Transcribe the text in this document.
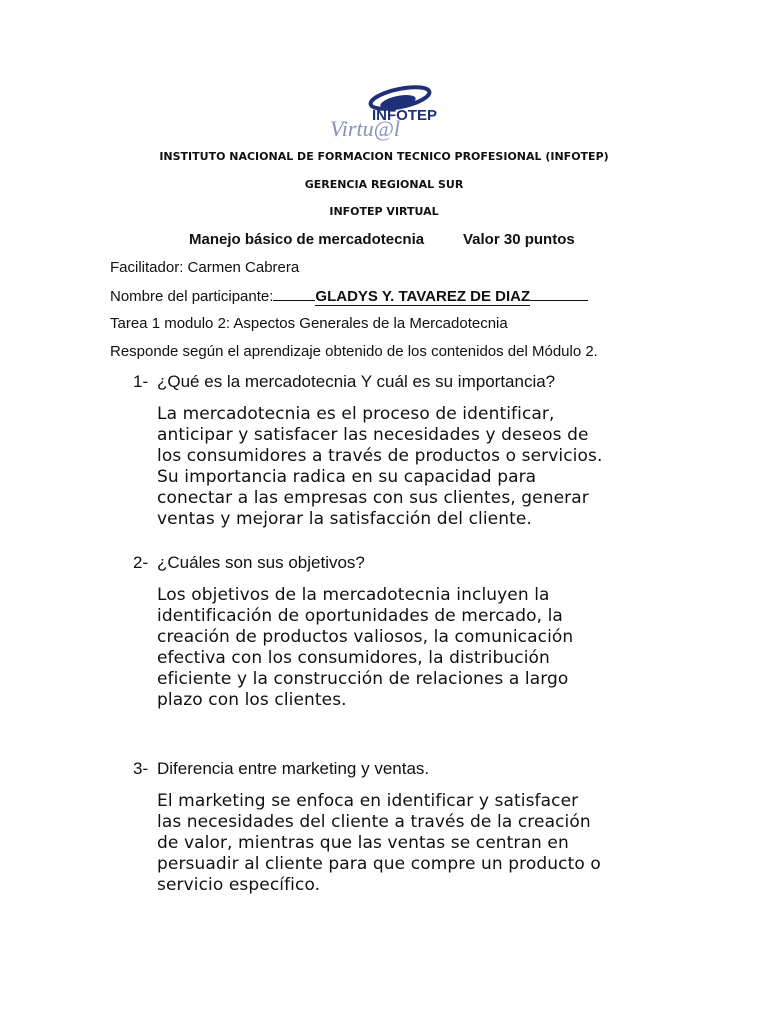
INFOTEP
Virtu@l
INSTITUTO NACIONAL DE FORMACION TECNICO PROFESIONAL (INFOTEP)
GERENCIA REGIONAL SUR
INFOTEP VIRTUAL
Manejo básico de mercadotecnia	Valor 30 puntos
Facilitador: Carmen Cabrera
Nombre del participante:	GLADYS Y. TAVAREZ DE DIAZ
Tarea 1 modulo 2: Aspectos Generales de la Mercadotecnia
Responde según el aprendizaje obtenido de los contenidos del Módulo 2.
1- ¿Qué es la mercadotecnia Y cuál es su importancia?
La mercadotecnia es el proceso de identificar,
anticipar y satisfacer las necesidades y deseos de
los consumidores a través de productos o servicios.
Su importancia radica en su capacidad para
conectar a las empresas con sus clientes, generar
ventas y mejorar la satisfacción del cliente.
2- ¿Cuáles son sus objetivos?
Los objetivos de la mercadotecnia incluyen la
identificación de oportunidades de mercado, la
creación de productos valiosos, la comunicación
efectiva con los consumidores, la distribución
eficiente y la construcción de relaciones a largo
plazo con los clientes.
3- Diferencia entre marketing y ventas.
El marketing se enfoca en identificar y satisfacer
las necesidades del cliente a través de la creación
de valor, mientras que las ventas se centran en
persuadir al cliente para que compre un producto o
servicio específico.
